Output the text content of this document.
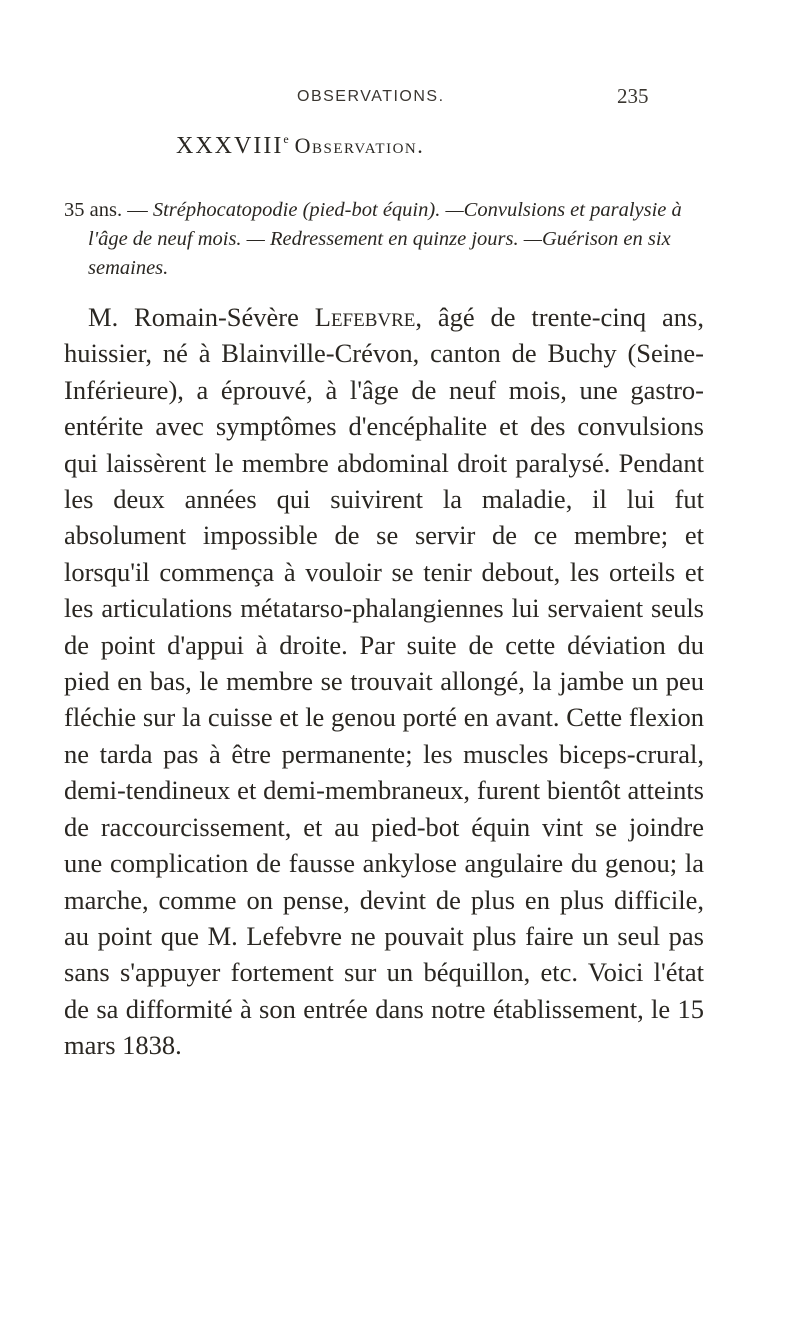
OBSERVATIONS.	235
XXXVIIIe Observation.

35 ans. — Stréphocatopodie (pied-bot équin). —Convulsions et paralysie à l'âge de neuf mois. — Redressement en quinze jours. —Guérison en six semaines.

M. Romain-Sévère Lefebvre, âgé de trente-cinq ans, huissier, né à Blainville-Crévon, canton de Buchy (Seine-Inférieure), a éprouvé, à l'âge de neuf mois, une gastro-entérite avec symptômes d'encéphalite et des convulsions qui laissèrent le membre abdominal droit paralysé. Pendant les deux années qui suivirent la maladie, il lui fut absolument impossible de se servir de ce membre; et lorsqu'il commença à vouloir se tenir debout, les orteils et les articulations métatarso-phalangiennes lui servaient seuls de point d'appui à droite. Par suite de cette déviation du pied en bas, le membre se trouvait allongé, la jambe un peu fléchie sur la cuisse et le genou porté en avant. Cette flexion ne tarda pas à être permanente; les muscles biceps-crural, demi-tendineux et demi-membraneux, furent bientôt atteints de raccourcissement, et au pied-bot équin vint se joindre une complication de fausse ankylose angulaire du genou; la marche, comme on pense, devint de plus en plus difficile, au point que M. Lefebvre ne pouvait plus faire un seul pas sans s'appuyer fortement sur un béquillon, etc. Voici l'état de sa difformité à son entrée dans notre établissement, le 15 mars 1838.
